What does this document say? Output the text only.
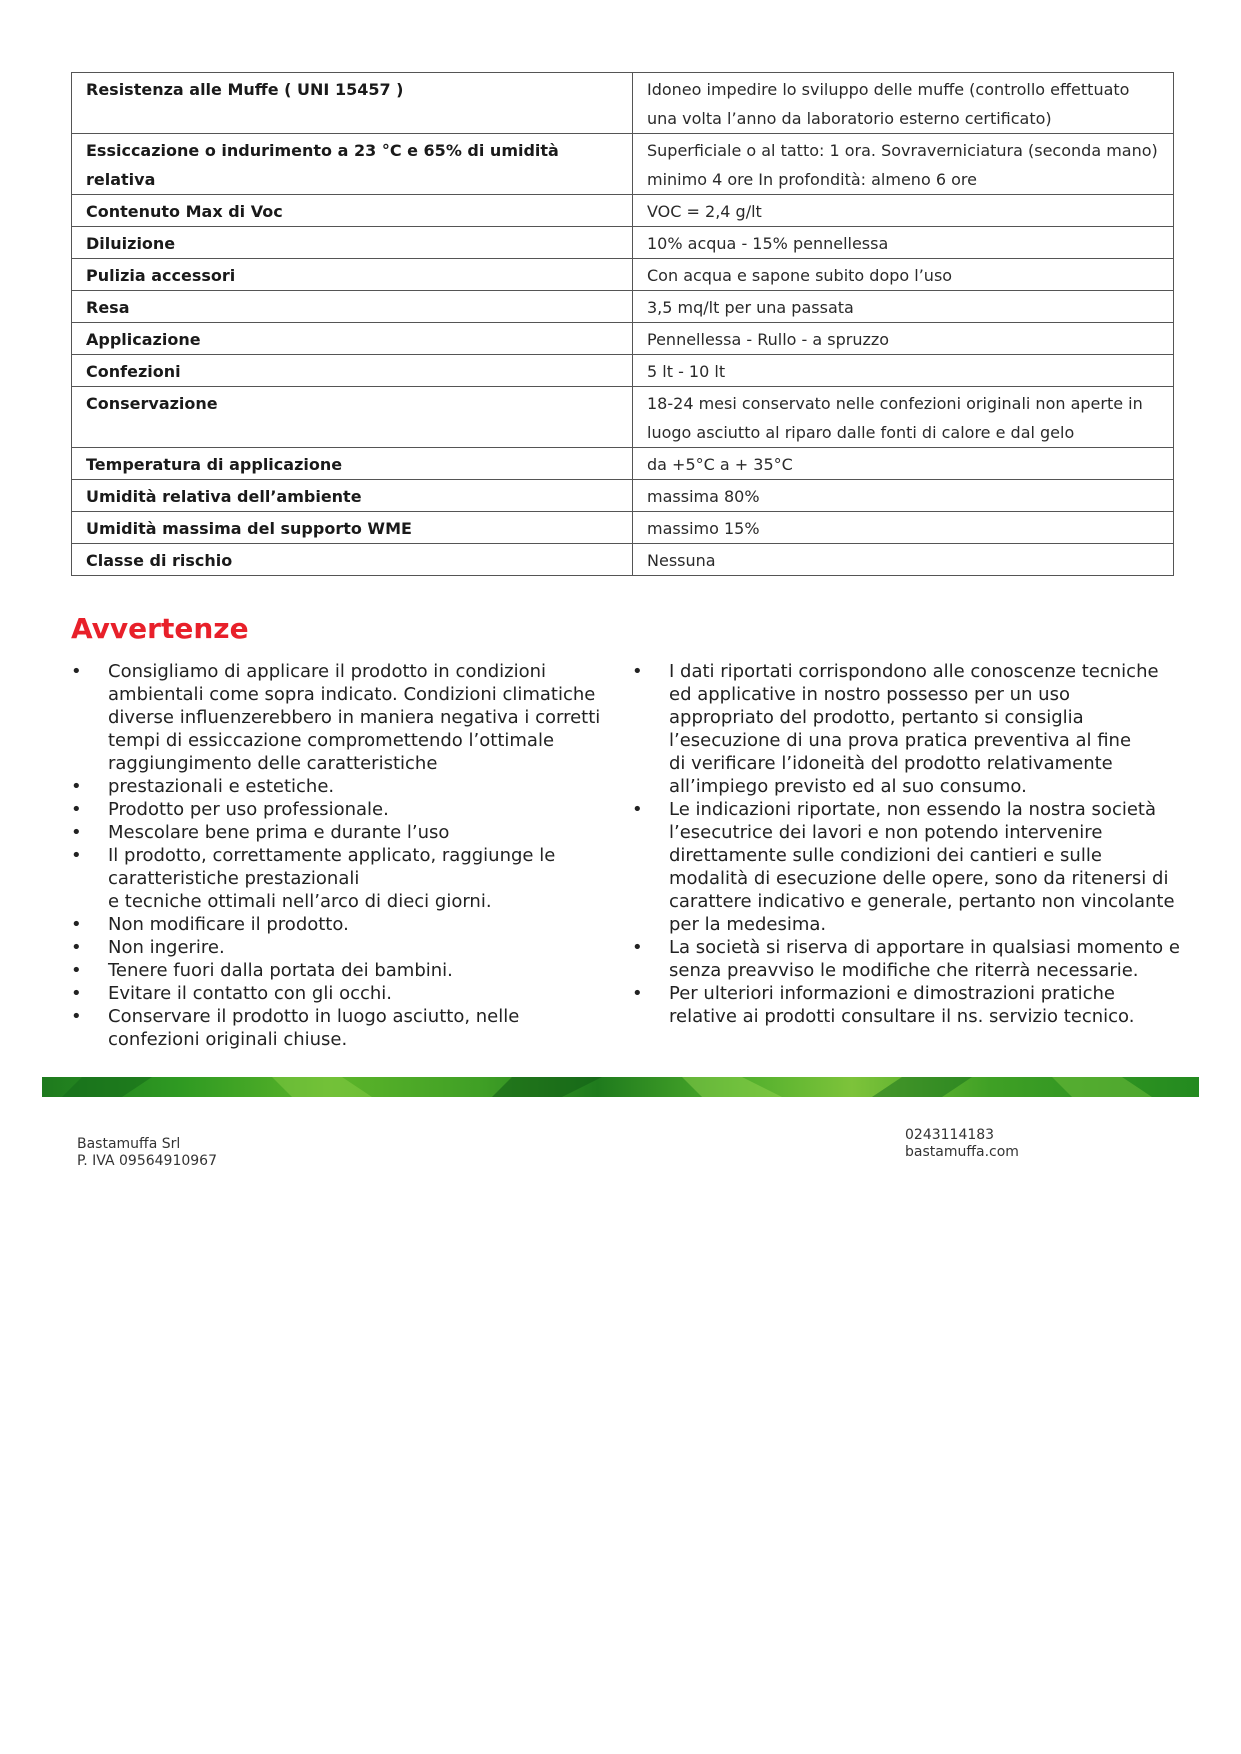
Resistenza alle Muffe ( UNI 15457 )	Idoneo impedire lo sviluppo delle muffe (controllo effettuato una volta l’anno da laboratorio esterno certificato)
Essiccazione o indurimento a 23 °C e 65% di umidità relativa	Superficiale o al tatto: 1 ora. Sovraverniciatura (seconda mano) minimo 4 ore In profondità: almeno 6 ore
Contenuto Max di Voc	VOC = 2,4 g/lt
Diluizione	10% acqua - 15% pennellessa
Pulizia accessori	Con acqua e sapone subito dopo l’uso
Resa	3,5 mq/lt per una passata
Applicazione	Pennellessa - Rullo - a spruzzo
Confezioni	5 lt - 10 lt
Conservazione	18-24 mesi conservato nelle confezioni originali non aperte in luogo asciutto al riparo dalle fonti di calore e dal gelo
Temperatura di applicazione	da +5°C a + 35°C
Umidità relativa dell’ambiente	massima 80%
Umidità massima del supporto WME	massimo 15%
Classe di rischio	Nessuna
Avvertenze
• Consigliamo di applicare il prodotto in condizioni ambientali come sopra indicato. Condizioni climatiche diverse influenzerebbero in maniera negativa i corretti tempi di essiccazione compromettendo l’ottimale raggiungimento delle caratteristiche
• prestazionali e estetiche.
• Prodotto per uso professionale.
• Mescolare bene prima e durante l’uso
• Il prodotto, correttamente applicato, raggiunge le caratteristiche prestazionali
e tecniche ottimali nell’arco di dieci giorni.
• Non modificare il prodotto.
• Non ingerire.
• Tenere fuori dalla portata dei bambini.
• Evitare il contatto con gli occhi.
• Conservare il prodotto in luogo asciutto, nelle confezioni originali chiuse.
• I dati riportati corrispondono alle conoscenze tecniche ed applicative in nostro possesso per un uso appropriato del prodotto, pertanto si consiglia l’esecuzione di una prova pratica preventiva al fine
di verificare l’idoneità del prodotto relativamente all’impiego previsto ed al suo consumo.
• Le indicazioni riportate, non essendo la nostra società l’esecutrice dei lavori e non potendo intervenire direttamente sulle condizioni dei cantieri e sulle modalità di esecuzione delle opere, sono da ritenersi di carattere indicativo e generale, pertanto non vincolante per la medesima.
• La società si riserva di apportare in qualsiasi momento e senza preavviso le modifiche che riterrà necessarie.
• Per ulteriori informazioni e dimostrazioni pratiche relative ai prodotti consultare il ns. servizio tecnico.
Bastamuffa Srl
P. IVA 09564910967
0243114183
bastamuffa.com
